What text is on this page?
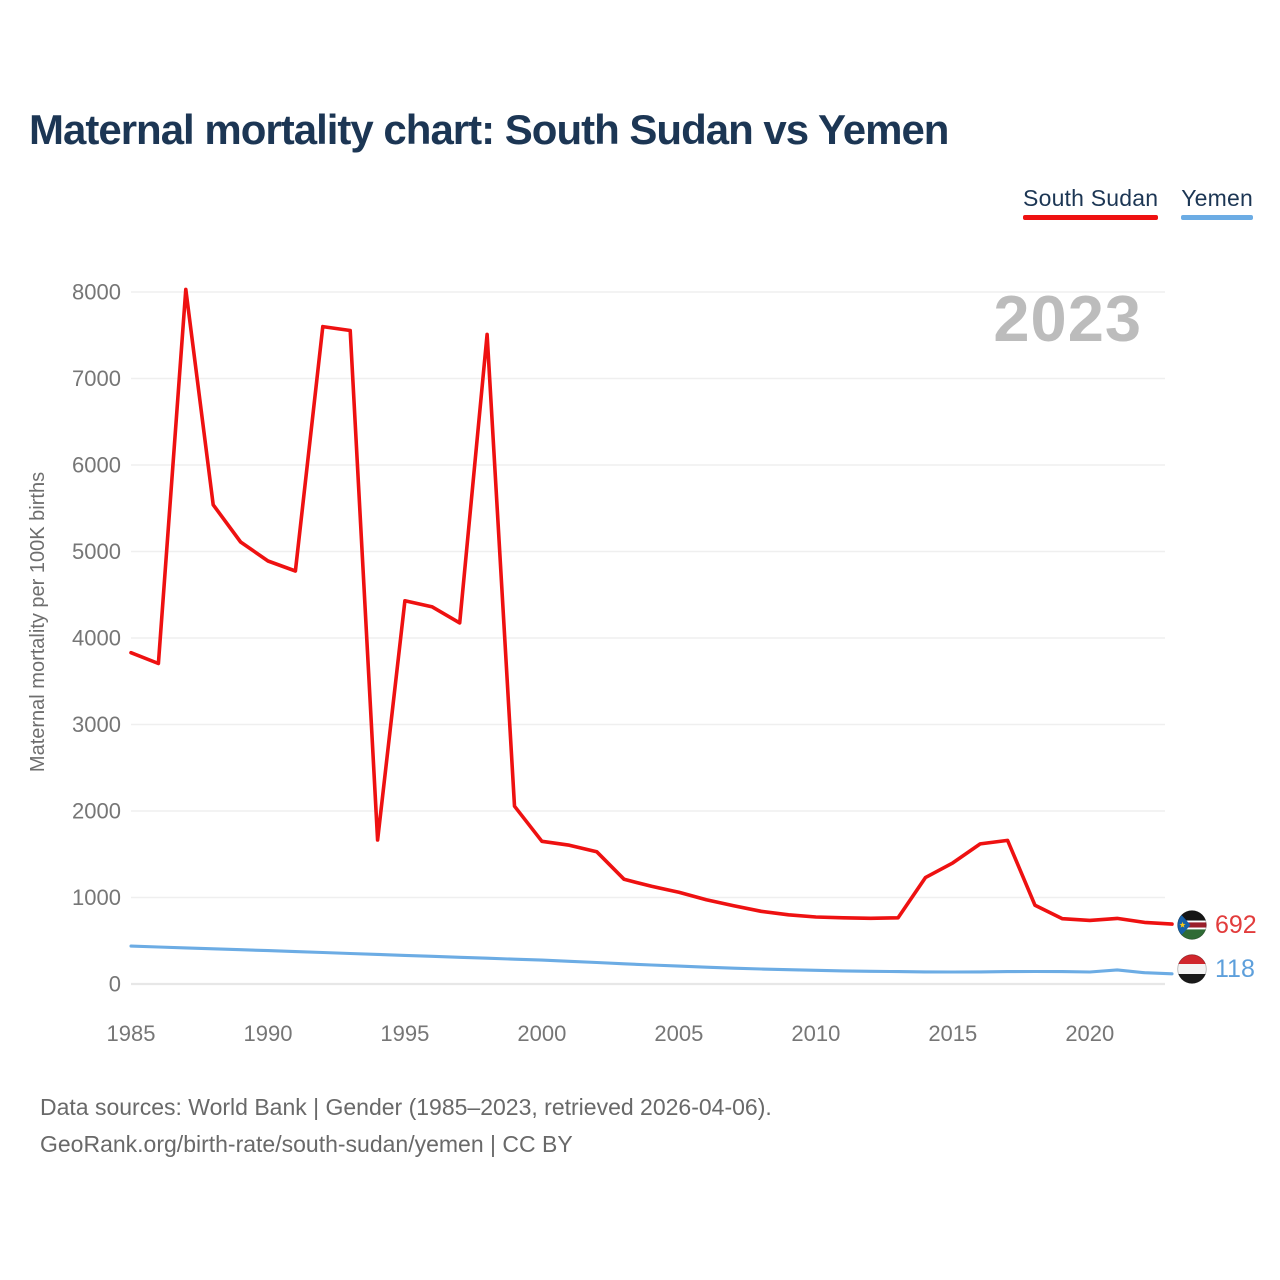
Maternal mortality chart: South Sudan vs Yemen
South Sudan Yemen
2023
0
1000
2000
3000
4000
5000
6000
7000
8000
1985	1990	1995	2000	2005	2010	2015	2020
Maternal mortality per 100K births
692
118
Data sources: World Bank | Gender (1985–2023, retrieved 2026-04-06).
GeoRank.org/birth-rate/south-sudan/yemen | CC BY
